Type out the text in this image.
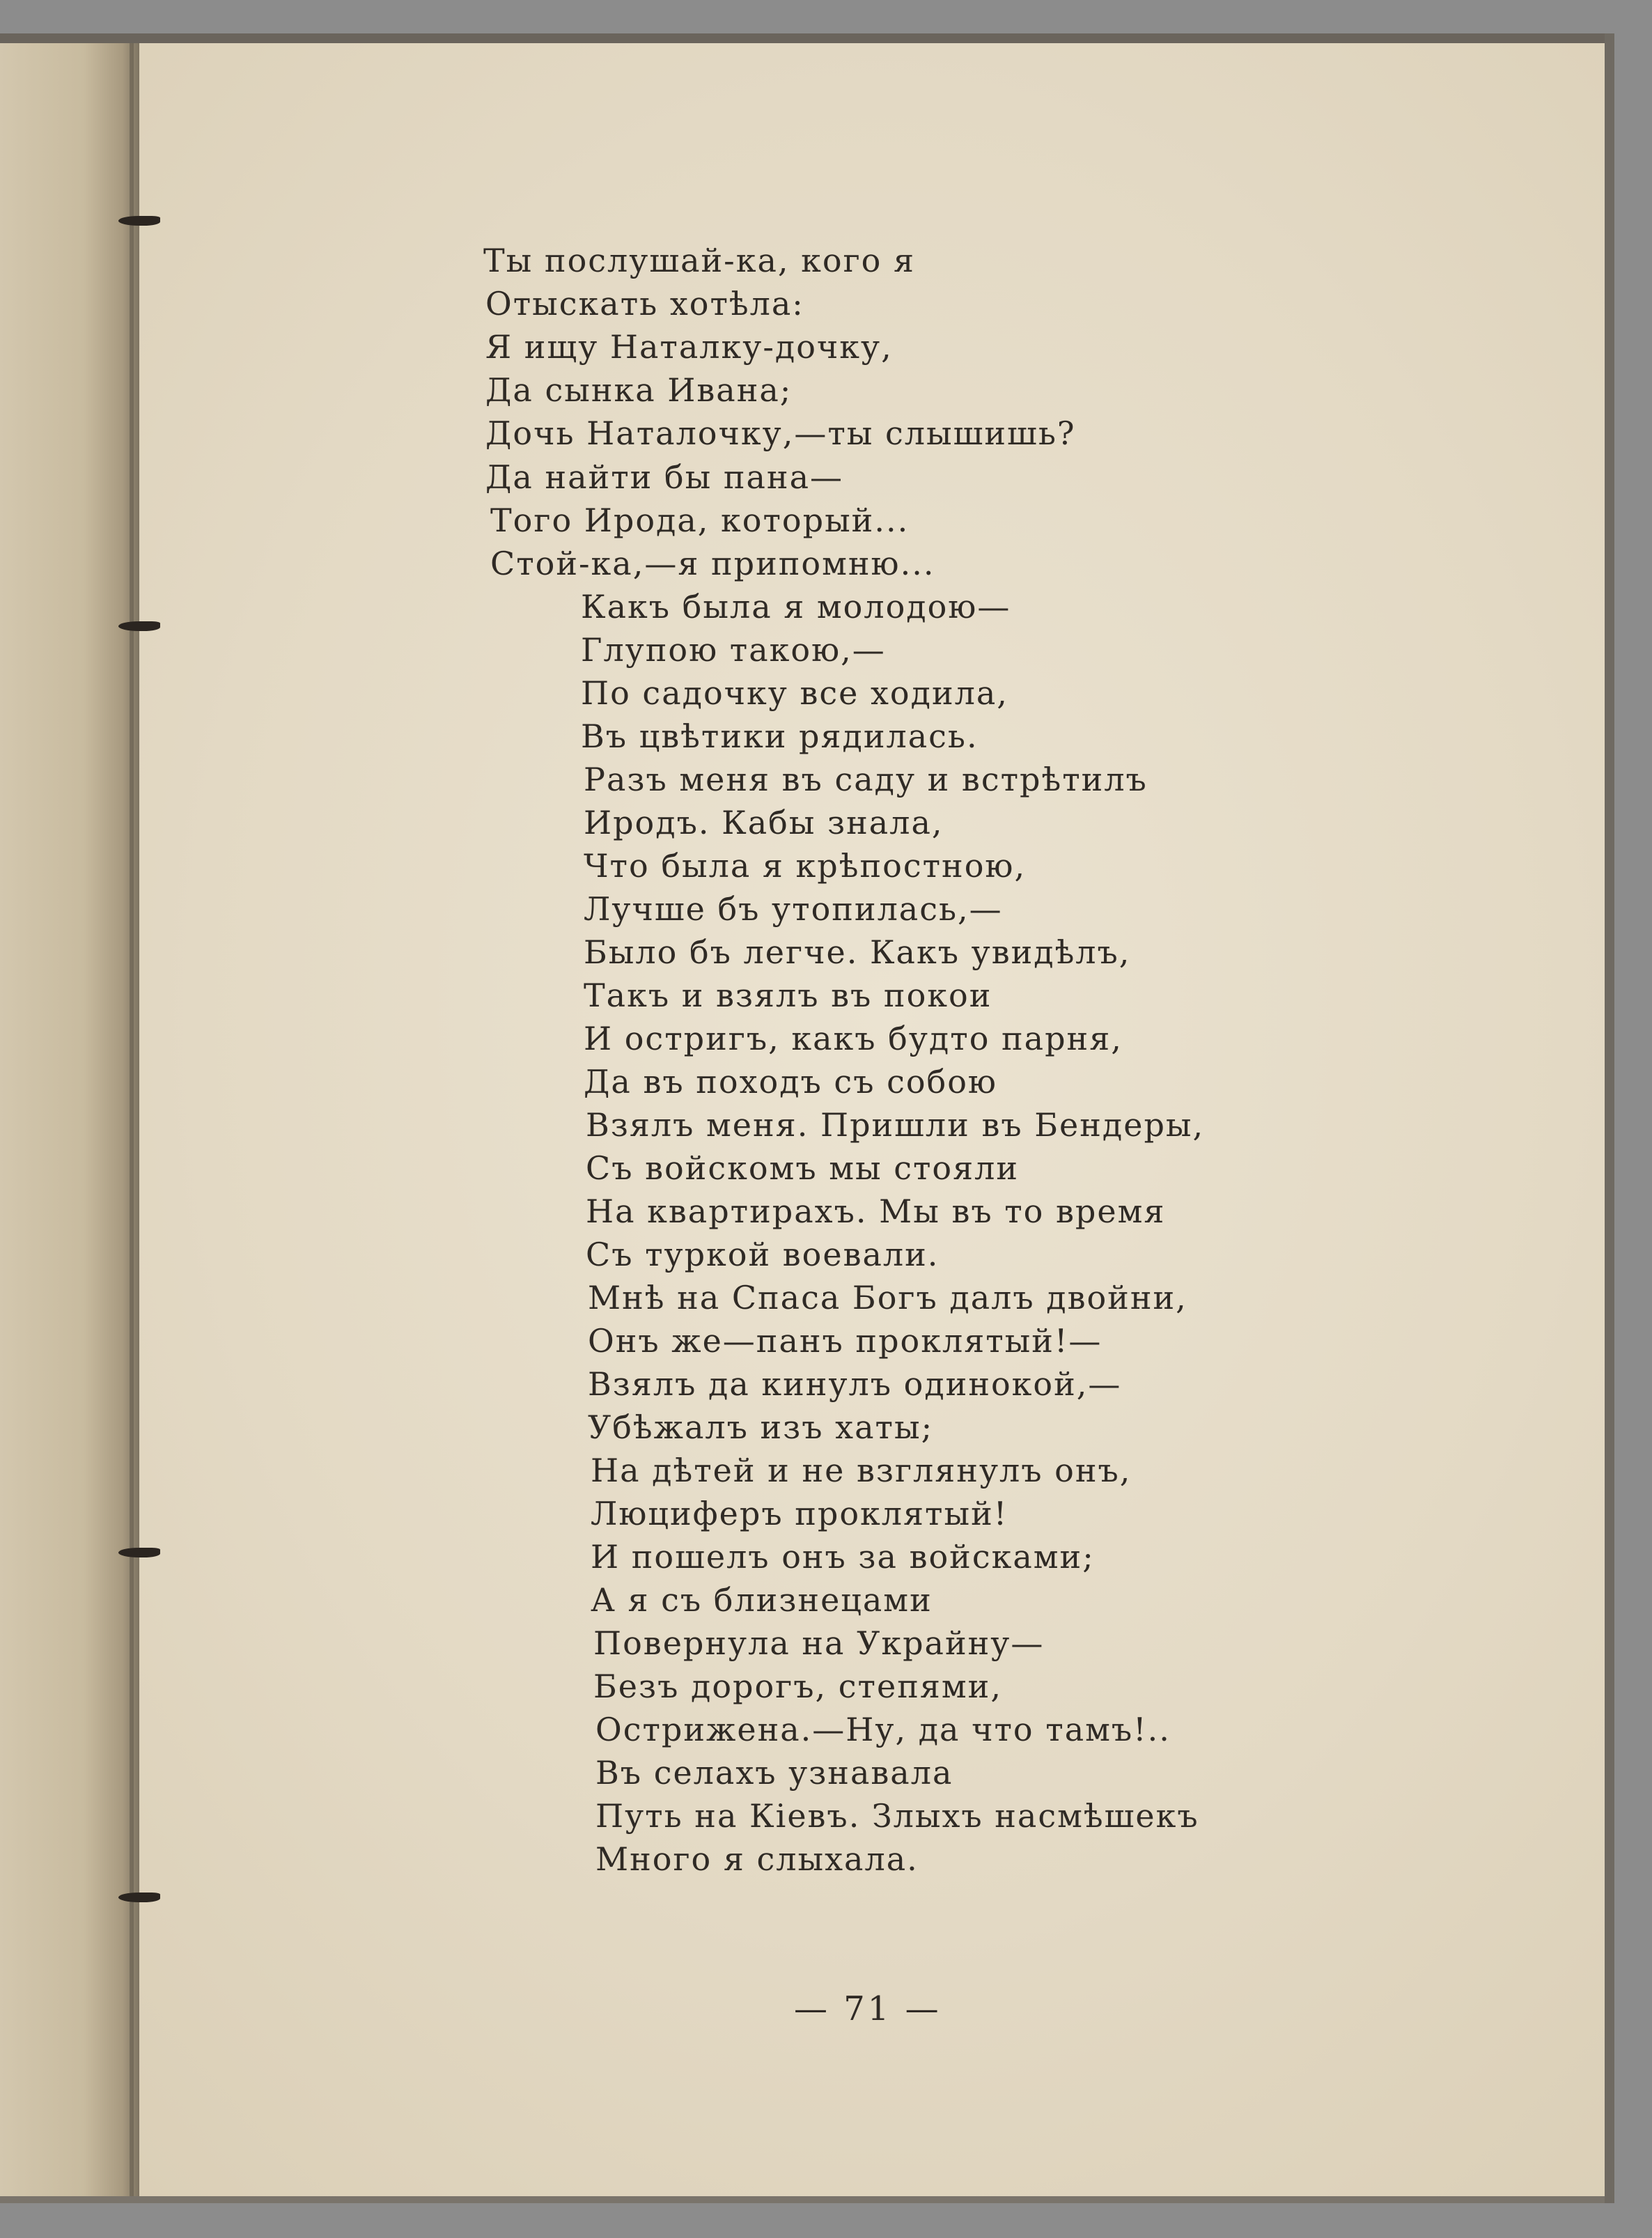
Ты послушай-ка, кого я
Отыскать хотѣла:
Я ищу Наталку-дочку,
Да сынка Ивана;
Дочь Наталочку,—ты слышишь?
Да найти бы пана—
Того Ирода, который...
Стой-ка,—я припомню...
Какъ была я молодою—
Глупою такою,—
По садочку все ходила,
Въ цвѣтики рядилась.
Разъ меня въ саду и встрѣтилъ
Иродъ. Кабы знала,
Что была я крѣпостною,
Лучше бъ утопилась,—
Было бъ легче. Какъ увидѣлъ,
Такъ и взялъ въ покои
И остригъ, какъ будто парня,
Да въ походъ съ собою
Взялъ меня. Пришли въ Бендеры,
Съ войскомъ мы стояли
На квартирахъ. Мы въ то время
Съ туркой воевали.
Мнѣ на Спаса Богъ далъ двойни,
Онъ же—панъ проклятый!—
Взялъ да кинулъ одинокой,—
Убѣжалъ изъ хаты;
На дѣтей и не взглянулъ онъ,
Люциферъ проклятый!
И пошелъ онъ за войсками;
А я съ близнецами
Повернула на Украйну—
Безъ дорогъ, степями,
Острижена.—Ну, да что тамъ!..
Въ селахъ узнавала
Путь на Кіевъ. Злыхъ насмѣшекъ
Много я слыхала.
— 71 —
